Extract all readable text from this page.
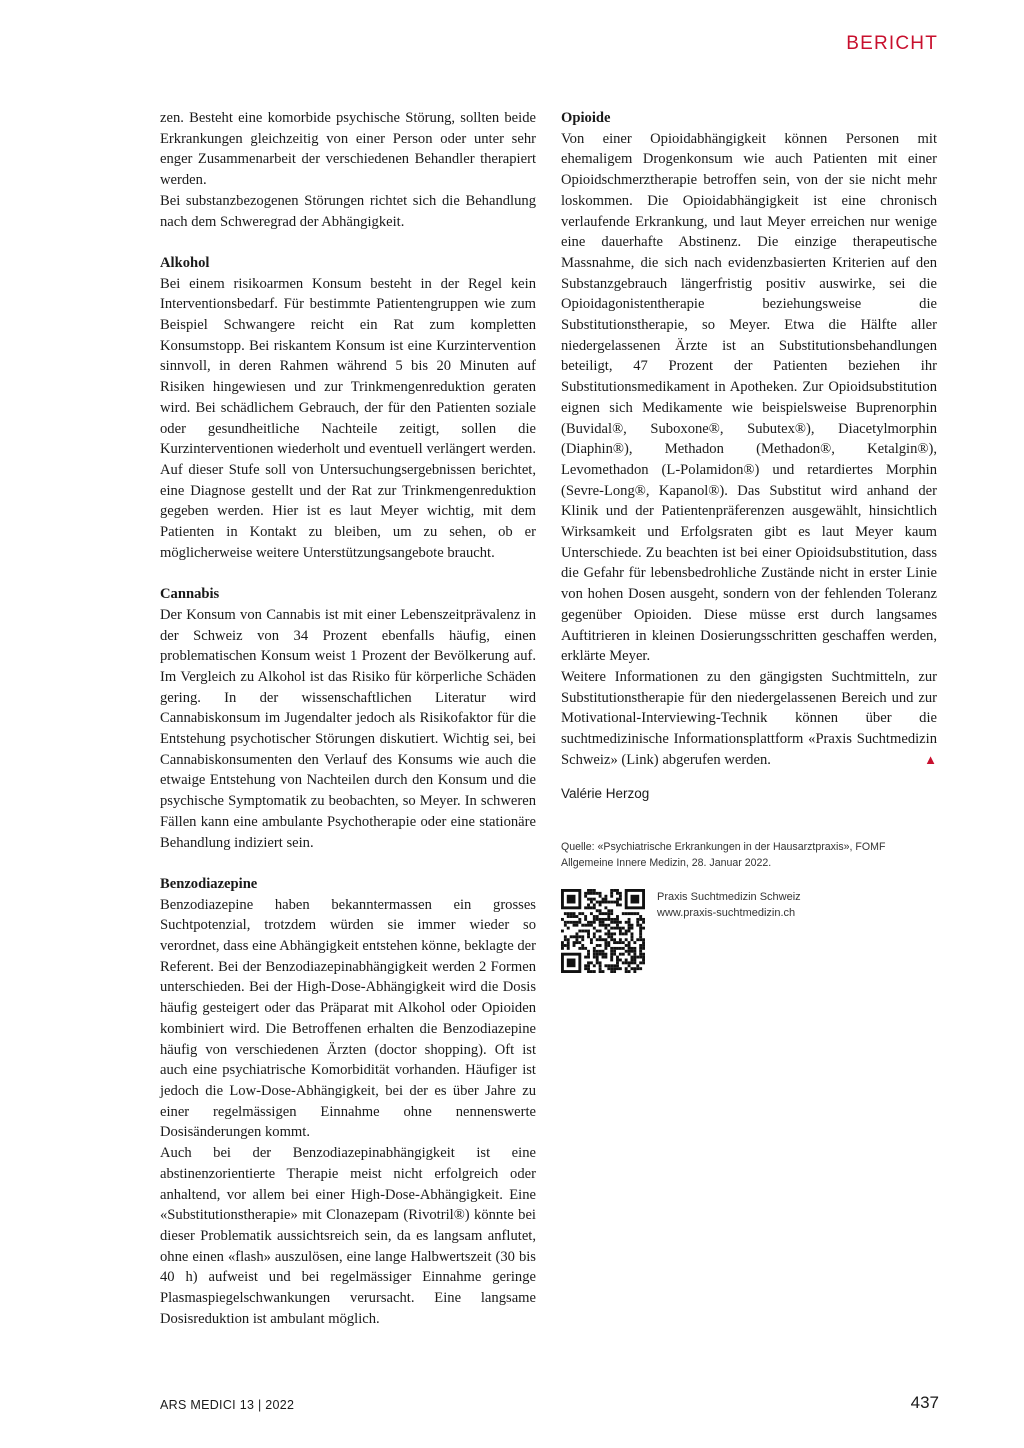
BERICHT

zen. Besteht eine komorbide psychische Störung, sollten beide Erkrankungen gleichzeitig von einer Person oder unter sehr enger Zusammenarbeit der verschiedenen Behandler therapiert werden.

Bei substanzbezogenen Störungen richtet sich die Behandlung nach dem Schweregrad der Abhängigkeit.

Alkohol

Bei einem risikoarmen Konsum besteht in der Regel kein Interventionsbedarf. Für bestimmte Patientengruppen wie zum Beispiel Schwangere reicht ein Rat zum kompletten Konsumstopp. Bei riskantem Konsum ist eine Kurzintervention sinnvoll, in deren Rahmen während 5 bis 20 Minuten auf Risiken hingewiesen und zur Trinkmengenreduktion geraten wird. Bei schädlichem Gebrauch, der für den Patienten soziale oder gesundheitliche Nachteile zeitigt, sollen die Kurzinterventionen wiederholt und eventuell verlängert werden. Auf dieser Stufe soll von Untersuchungsergebnissen berichtet, eine Diagnose gestellt und der Rat zur Trinkmengenreduktion gegeben werden. Hier ist es laut Meyer wichtig, mit dem Patienten in Kontakt zu bleiben, um zu sehen, ob er möglicherweise weitere Unterstützungsangebote braucht.

Cannabis

Der Konsum von Cannabis ist mit einer Lebenszeitprävalenz in der Schweiz von 34 Prozent ebenfalls häufig, einen problematischen Konsum weist 1 Prozent der Bevölkerung auf. Im Vergleich zu Alkohol ist das Risiko für körperliche Schäden gering. In der wissenschaftlichen Literatur wird Cannabiskonsum im Jugendalter jedoch als Risikofaktor für die Entstehung psychotischer Störungen diskutiert. Wichtig sei, bei Cannabiskonsumenten den Verlauf des Konsums wie auch die etwaige Entstehung von Nachteilen durch den Konsum und die psychische Symptomatik zu beobachten, so Meyer. In schweren Fällen kann eine ambulante Psychotherapie oder eine stationäre Behandlung indiziert sein.

Benzodiazepine

Benzodiazepine haben bekanntermassen ein grosses Suchtpotenzial, trotzdem würden sie immer wieder so verordnet, dass eine Abhängigkeit entstehen könne, beklagte der Referent. Bei der Benzodiazepinabhängigkeit werden 2 Formen unterschieden. Bei der High-Dose-Abhängigkeit wird die Dosis häufig gesteigert oder das Präparat mit Alkohol oder Opioiden kombiniert wird. Die Betroffenen erhalten die Benzodiazepine häufig von verschiedenen Ärzten (doctor shopping). Oft ist auch eine psychiatrische Komorbidität vorhanden. Häufiger ist jedoch die Low-Dose-Abhängigkeit, bei der es über Jahre zu einer regelmässigen Einnahme ohne nennenswerte Dosisänderungen kommt.

Auch bei der Benzodiazepinabhängigkeit ist eine abstinenzorientierte Therapie meist nicht erfolgreich oder anhaltend, vor allem bei einer High-Dose-Abhängigkeit. Eine «Substitutionstherapie» mit Clonazepam (Rivotril®) könnte bei dieser Problematik aussichtsreich sein, da es langsam anflutet, ohne einen «flash» auszulösen, eine lange Halbwertszeit (30 bis 40 h) aufweist und bei regelmässiger Einnahme geringe Plasmaspiegelschwankungen verursacht. Eine langsame Dosisreduktion ist ambulant möglich.

Opioide

Von einer Opioidabhängigkeit können Personen mit ehemaligem Drogenkonsum wie auch Patienten mit einer Opioidschmerztherapie betroffen sein, von der sie nicht mehr loskommen. Die Opioidabhängigkeit ist eine chronisch verlaufende Erkrankung, und laut Meyer erreichen nur wenige eine dauerhafte Abstinenz. Die einzige therapeutische Massnahme, die sich nach evidenzbasierten Kriterien auf den Substanzgebrauch längerfristig positiv auswirke, sei die Opioidagonistentherapie beziehungsweise die Substitutionstherapie, so Meyer. Etwa die Hälfte aller niedergelassenen Ärzte ist an Substitutionsbehandlungen beteiligt, 47 Prozent der Patienten beziehen ihr Substitutionsmedikament in Apotheken. Zur Opioidsubstitution eignen sich Medikamente wie beispielsweise Buprenorphin (Buvidal®, Suboxone®, Subutex®), Diacetylmorphin (Diaphin®), Methadon (Methadon®, Ketalgin®), Levomethadon (L-Polamidon®) und retardiertes Morphin (Sevre-Long®, Kapanol®). Das Substitut wird anhand der Klinik und der Patientenpräferenzen ausgewählt, hinsichtlich Wirksamkeit und Erfolgsraten gibt es laut Meyer kaum Unterschiede. Zu beachten ist bei einer Opioidsubstitution, dass die Gefahr für lebensbedrohliche Zustände nicht in erster Linie von hohen Dosen ausgeht, sondern von der fehlenden Toleranz gegenüber Opioiden. Diese müsse erst durch langsames Auftitrieren in kleinen Dosierungsschritten geschaffen werden, erklärte Meyer.

Weitere Informationen zu den gängigsten Suchtmitteln, zur Substitutionstherapie für den niedergelassenen Bereich und zur Motivational-Interviewing-Technik können über die suchtmedizinische Informationsplattform «Praxis Suchtmedizin Schweiz» (Link) abgerufen werden.	▲

Valérie Herzog
Quelle: «Psychiatrische Erkrankungen in der Hausarztpraxis», FOMF Allgemeine Innere Medizin, 28. Januar 2022.
Praxis Suchtmedizin Schweiz
www.praxis-suchtmedizin.ch
ARS MEDICI 13 | 2022	437
